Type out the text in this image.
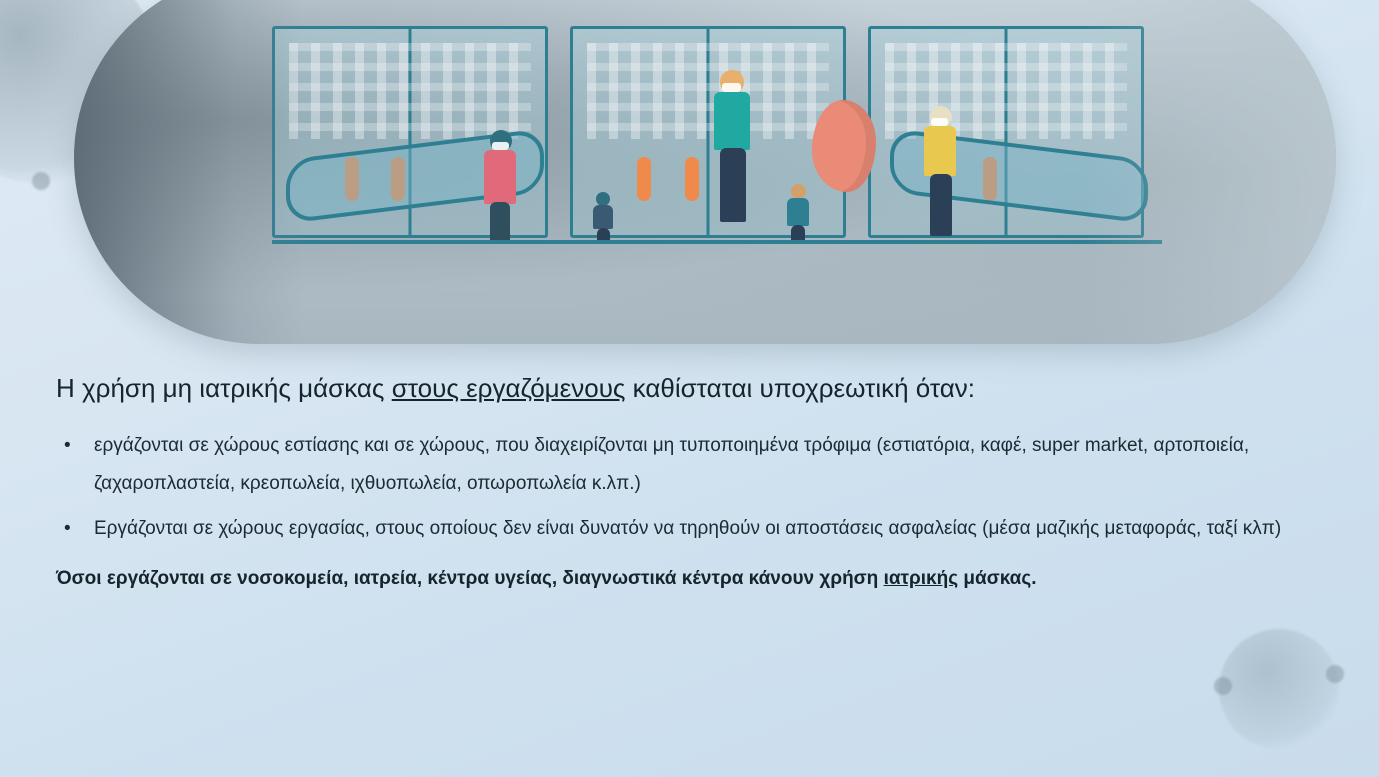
Η χρήση μη ιατρικής μάσκας στους εργαζόμενους καθίσταται υποχρεωτική όταν:

• εργάζονται σε χώρους εστίασης και σε χώρους, που διαχειρίζονται μη τυποποιημένα τρόφιμα (εστιατόρια, καφέ, super market, αρτοποιεία, ζαχαροπλαστεία, κρεοπωλεία, ιχθυοπωλεία, οπωροπωλεία κ.λπ.)
• Εργάζονται σε χώρους εργασίας, στους οποίους δεν είναι δυνατόν να τηρηθούν οι αποστάσεις ασφαλείας (μέσα μαζικής μεταφοράς, ταξί κλπ)

Όσοι εργάζονται σε νοσοκομεία, ιατρεία, κέντρα υγείας, διαγνωστικά κέντρα κάνουν χρήση ιατρικής μάσκας.
